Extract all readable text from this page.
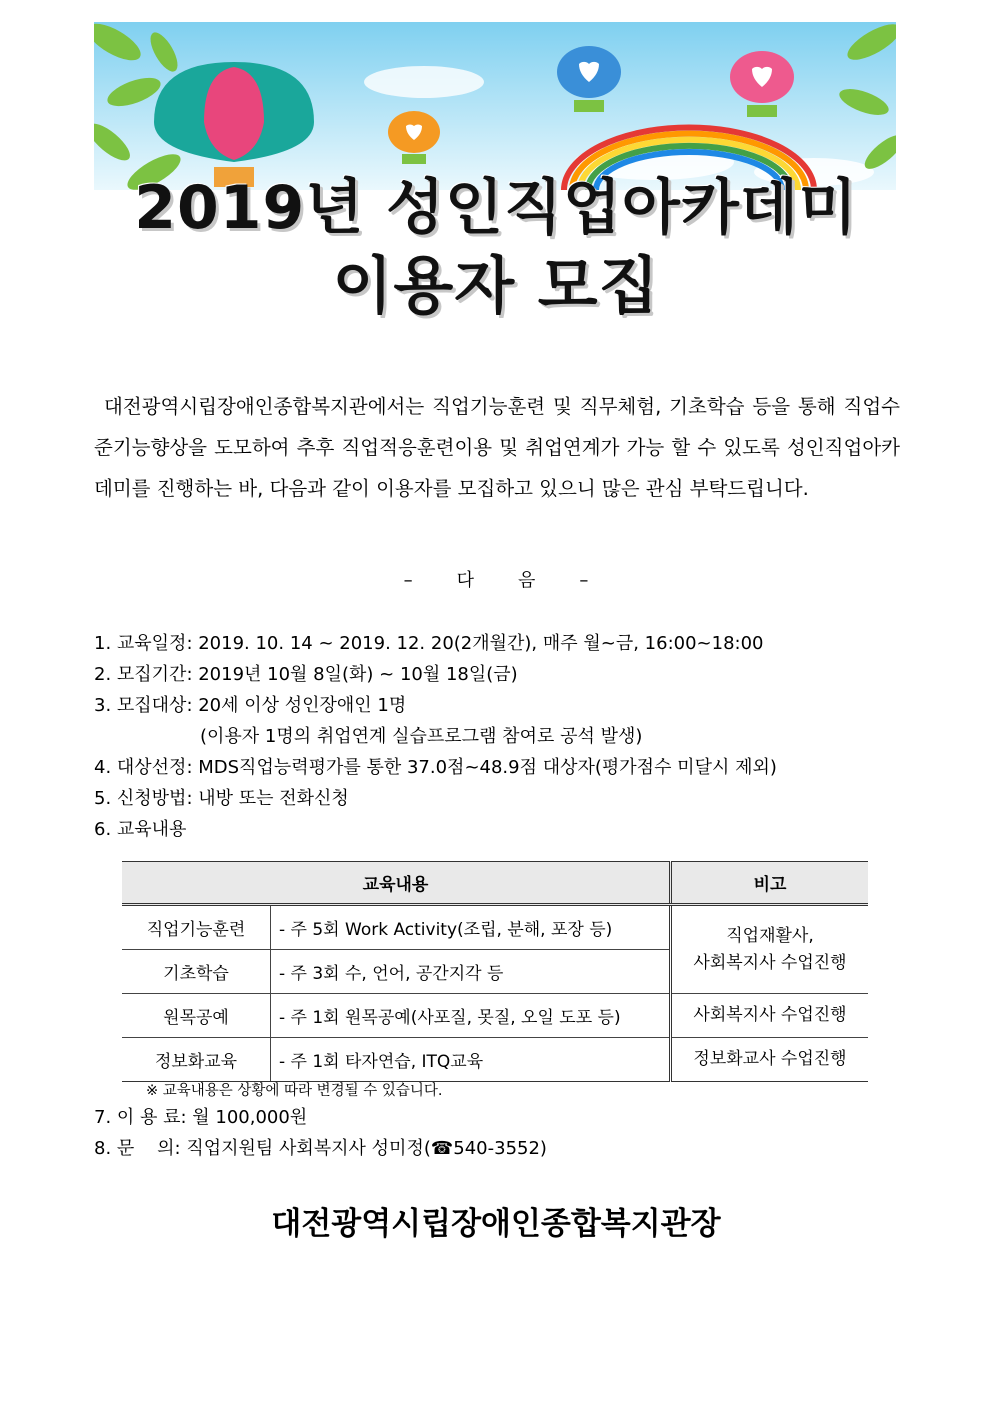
2019년 성인직업아카데미
이용자 모집

대전광역시립장애인종합복지관에서는 직업기능훈련 및 직무체험, 기초학습 등을 통해 직업수준기능향상을 도모하여 추후 직업적응훈련이용 및 취업연계가 가능 할 수 있도록 성인직업아카데미를 진행하는 바, 다음과 같이 이용자를 모집하고 있으니 많은 관심 부탁드립니다.

– 다 음 –
1. 교육일정: 2019. 10. 14 ~ 2019. 12. 20(2개월간), 매주 월~금, 16:00~18:00
2. 모집기간: 2019년 10월 8일(화) ~ 10월 18일(금)
3. 모집대상: 20세 이상 성인장애인 1명
(이용자 1명의 취업연계 실습프로그램 참여로 공석 발생)
4. 대상선정: MDS직업능력평가를 통한 37.0점~48.9점 대상자(평가점수 미달시 제외)
5. 신청방법: 내방 또는 전화신청
6. 교육내용
교육내용		비고
직업기능훈련	- 주 5회 Work Activity(조립, 분해, 포장 등)	직업재활사,
사회복지사 수업진행

기초학습	- 주 3회 수, 언어, 공간지각 등	
원목공예	- 주 1회 원목공예(사포질, 못질, 오일 도포 등)	사회복지사 수업진행
정보화교육	- 주 1회 타자연습, ITQ교육	정보화교사 수업진행
※ 교육내용은 상황에 따라 변경될 수 있습니다.
7. 이 용 료: 월 100,000원
8. 문    의: 직업지원팀 사회복지사 성미정(☎540-3552)
대전광역시립장애인종합복지관장
